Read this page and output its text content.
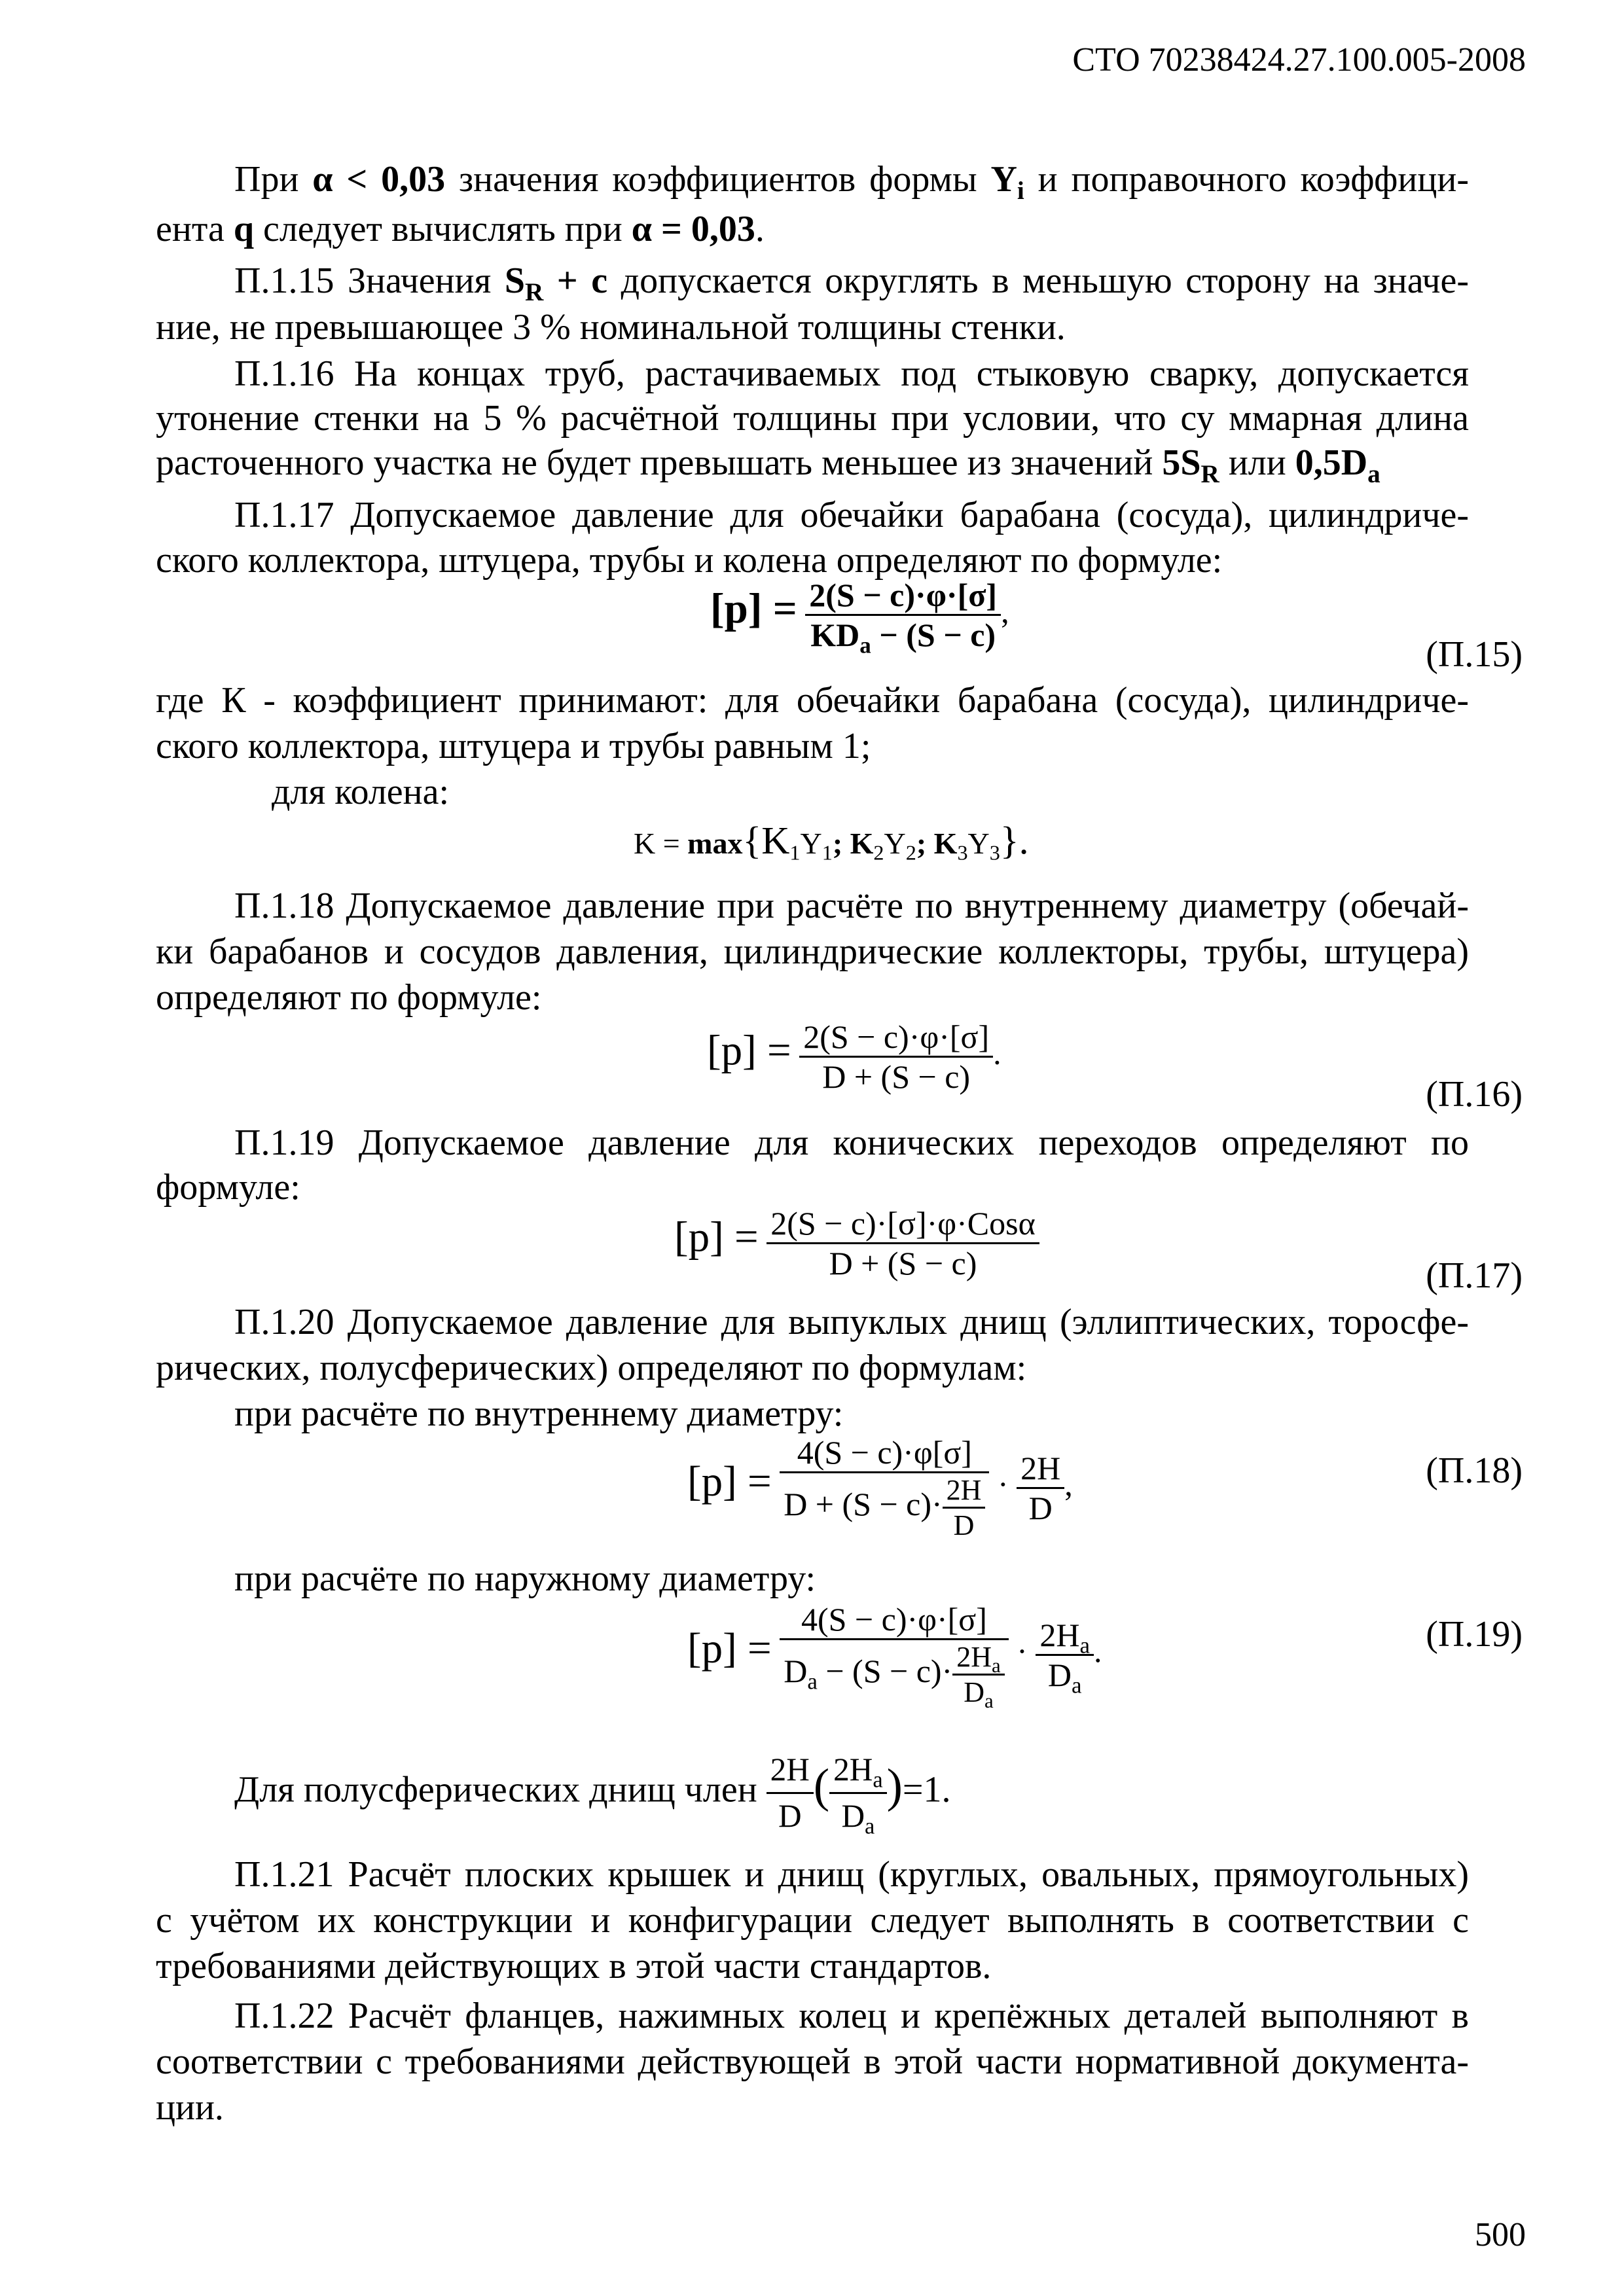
СТО 70238424.27.100.005-2008
При α < 0,03 значения коэффициентов формы $Y_i$ и поправочного коэффици-
ента q следует вычислять при α = 0,03.
П.1.15 Значения $S_R + c$ допускается округлять в меньшую сторону на значе-
ние, не превышающее 3 % номинальной толщины стенки.
П.1.16 На концах труб, растачиваемых под стыковую сварку, допускается
утонение стенки на 5 % расчётной толщины при условии, что су ммарная длина
расточенного участка не будет превышать меньшее из значений $5S_R$ или $0,5D_a$
П.1.17 Допускаемое давление для обечайки барабана (сосуда), цилиндриче-
ского коллектора, штуцера, трубы и колена определяют по формуле:
$[p] = \frac{2(S - c)\cdot\varphi\cdot[\sigma]}{KD_a - (S - c)}$ ,
(П.15)
где К - коэффициент принимают: для обечайки барабана (сосуда), цилиндриче-
ского коллектора, штуцера и трубы равным 1;
для колена:
$K = \max\{K_1Y_1$; $K_2Y_2$; $K_3Y_3$}.
П.1.18 Допускаемое давление при расчёте по внутреннему диаметру (обечай-
ки барабанов и сосудов давления, цилиндрические коллекторы, трубы, штуцера)
определяют по формуле:
$[p] = \frac{2(S - c)\cdot\varphi\cdot[\sigma]}{D + (S - c)}$ .
(П.16)
П.1.19 Допускаемое давление для конических переходов определяют по
формуле:
$[p] = \frac{\text{2(S − c)·[σ]·φ·Cosα}}{D + (S - c)}$	(П.17)
П.1.20 Допускаемое давление для выпуклых днищ (эллиптических, торосфе-
рических, полусферических) определяют по формулам:
при расчёте по внутреннему диаметру:
$[p] = \frac{4(S - c)\cdot\varphi[\sigma]}{D + (S - c)\cdot \frac{2H}{D}} \cdot \frac{2H}{D}$ ,	(П.18)
при расчёте по наружному диаметру:
$[p] = \frac{4(S - c)\cdot\varphi\cdot[\sigma]}{D_a - (S - c)\cdot \frac{2H_a}{D_a}} \cdot \frac{2H_a}{D_a}$ .	(П.19)
Для полусферических днищ член $\frac{2H}{D}$ ( $\frac{2H_a}{D_a} )=1$.
П.1.21 Расчёт плоских крышек и днищ (круглых, овальных, прямоугольных)
с учётом их конструкции и конфигурации следует выполнять в соответствии с
требованиями действующих в этой части стандартов.
П.1.22 Расчёт фланцев, нажимных колец и крепёжных деталей выполняют в
соответствии с требованиями действующей в этой части нормативной документа-
ции.
500
